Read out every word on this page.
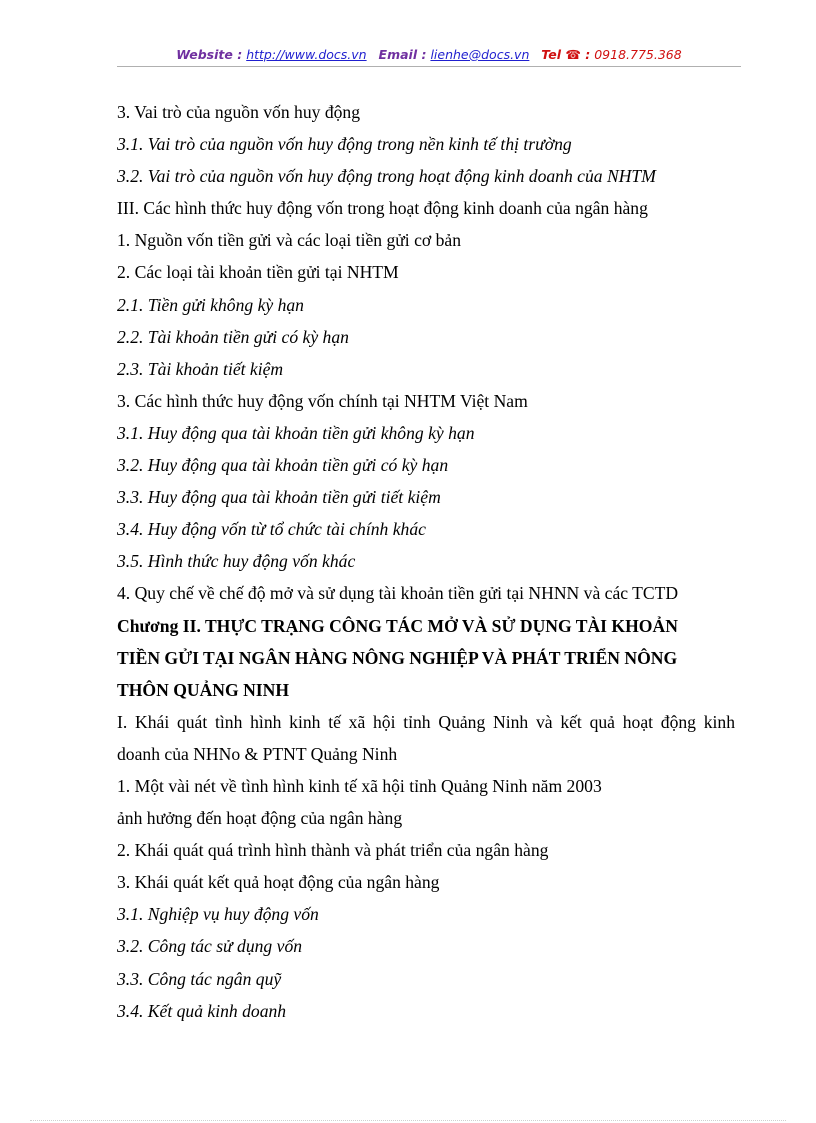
Website : http://www.docs.vn Email : lienhe@docs.vn Tel ☎ : 0918.775.368
3. Vai trò của nguồn vốn huy động
3.1. Vai trò của nguồn vốn huy động trong nền kinh tế thị trường
3.2. Vai trò của nguồn vốn huy động trong hoạt động kinh doanh của NHTM
III. Các hình thức huy động vốn trong hoạt động kinh doanh của ngân hàng
1. Nguồn vốn tiền gửi và các loại tiền gửi cơ bản
2. Các loại tài khoản tiền gửi tại NHTM
2.1. Tiền gửi không kỳ hạn
2.2. Tài khoản tiền gửi có kỳ hạn
2.3. Tài khoản tiết kiệm
3. Các hình thức huy động vốn chính tại NHTM Việt Nam
3.1. Huy động qua tài khoản tiền gửi không kỳ hạn
3.2. Huy động qua tài khoản tiền gửi có kỳ hạn
3.3. Huy động qua tài khoản tiền gửi tiết kiệm
3.4. Huy động vốn từ tổ chức tài chính khác
3.5. Hình thức huy động vốn khác
4. Quy chế về chế độ mở và sử dụng tài khoản tiền gửi tại NHNN và các TCTD
Chương II. THỰC TRẠNG CÔNG TÁC MỞ VÀ SỬ DỤNG TÀI KHOẢN
TIỀN GỬI TẠI NGÂN HÀNG NÔNG NGHIỆP VÀ PHÁT TRIỂN NÔNG
THÔN QUẢNG NINH
I. Khái quát tình hình kinh tế xã hội tỉnh Quảng Ninh và kết quả hoạt động kinh
doanh của NHNo & PTNT Quảng Ninh
1. Một vài nét về tình hình kinh tế xã hội tỉnh Quảng Ninh năm 2003
ảnh hưởng đến hoạt động của ngân hàng
2. Khái quát quá trình hình thành và phát triển của ngân hàng
3. Khái quát kết quả hoạt động của ngân hàng
3.1. Nghiệp vụ huy động vốn
3.2. Công tác sử dụng vốn
3.3. Công tác ngân quỹ
3.4. Kết quả kinh doanh
